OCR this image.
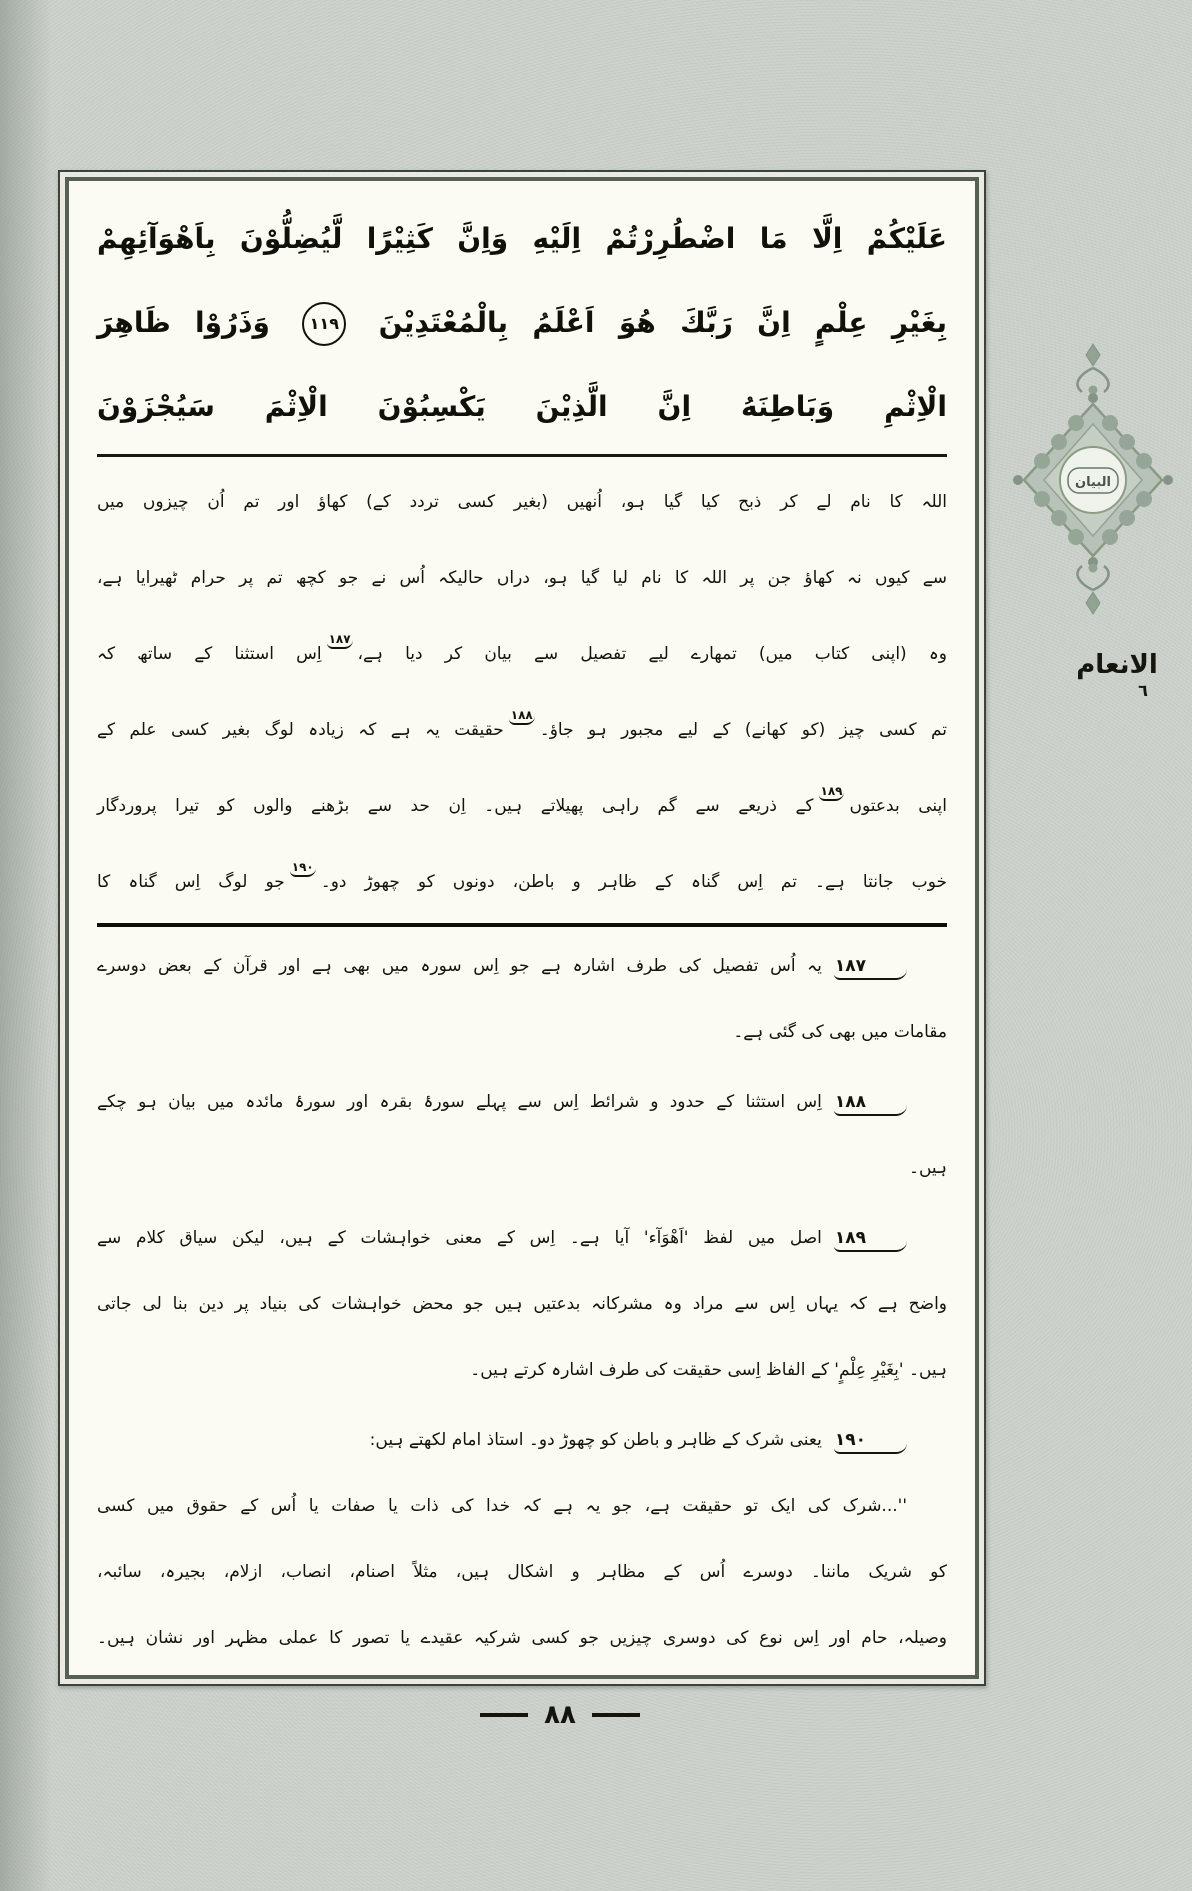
عَلَيْكُمْ اِلَّا مَا اضْطُرِرْتُمْ اِلَيْهِ وَاِنَّ كَثِيْرًا لَّيُضِلُّوْنَ بِاَهْوَآئِهِمْ
بِغَيْرِ عِلْمٍ اِنَّ رَبَّكَ هُوَ اَعْلَمُ بِالْمُعْتَدِيْنَ ۱۱۹ وَذَرُوْا ظَاهِرَ
الْاِثْمِ وَبَاطِنَهُ اِنَّ الَّذِيْنَ يَكْسِبُوْنَ الْاِثْمَ سَيُجْزَوْنَ
اللہ کا نام لے کر ذبح کیا گیا ہو، اُنھیں (بغیر کسی تردد کے) کھاؤ اور تم اُن چیزوں میں
سے کیوں نہ کھاؤ جن پر اللہ کا نام لیا گیا ہو، دراں حالیکہ اُس نے جو کچھ تم پر حرام ٹھیرایا ہے،
وہ (اپنی کتاب میں) تمھارے لیے تفصیل سے بیان کر دیا ہے،$^{۱۸۷}$اِس استثنا کے ساتھ کہ
تم کسی چیز (کو کھانے) کے لیے مجبور ہو جاؤ۔$^{۱۸۸}$حقیقت یہ ہے کہ زیادہ لوگ بغیر کسی علم کے
اپنی بدعتوں$^{۱۸۹}$کے ذریعے سے گم راہی پھیلاتے ہیں۔ اِن حد سے بڑھنے والوں کو تیرا پروردگار
خوب جانتا ہے۔ تم اِس گناہ کے ظاہر و باطن، دونوں کو چھوڑ دو۔$^{۱۹۰}$جو لوگ اِس گناہ کا
۱۸۷یہ اُس تفصیل کی طرف اشارہ ہے جو اِس سورہ میں بھی ہے اور قرآن کے بعض دوسرے
مقامات میں بھی کی گئی ہے۔
۱۸۸اِس استثنا کے حدود و شرائط اِس سے پہلے سورۂ بقرہ اور سورۂ مائدہ میں بیان ہو چکے
ہیں۔
۱۸۹اصل میں لفظ 'اَهْوَآء' آیا ہے۔ اِس کے معنی خواہشات کے ہیں، لیکن سیاق کلام سے
واضح ہے کہ یہاں اِس سے مراد وہ مشرکانہ بدعتیں ہیں جو محض خواہشات کی بنیاد پر دین بنا لی جاتی
ہیں۔ 'بِغَیْرِ عِلْمٍ' کے الفاظ اِسی حقیقت کی طرف اشارہ کرتے ہیں۔
۱۹۰یعنی شرک کے ظاہر و باطن کو چھوڑ دو۔ استاذ امام لکھتے ہیں:
''...شرک کی ایک تو حقیقت ہے، جو یہ ہے کہ خدا کی ذات یا صفات یا اُس کے حقوق میں کسی
کو شریک ماننا۔ دوسرے اُس کے مظاہر و اشکال ہیں، مثلاً اصنام، انصاب، ازلام، بجیرہ، سائبہ،
وصیلہ، حام اور اِس نوع کی دوسری چیزیں جو کسی شرکیہ عقیدے یا تصور کا عملی مظہر اور نشان ہیں۔
۸۸
البیان
الانعام
٦
